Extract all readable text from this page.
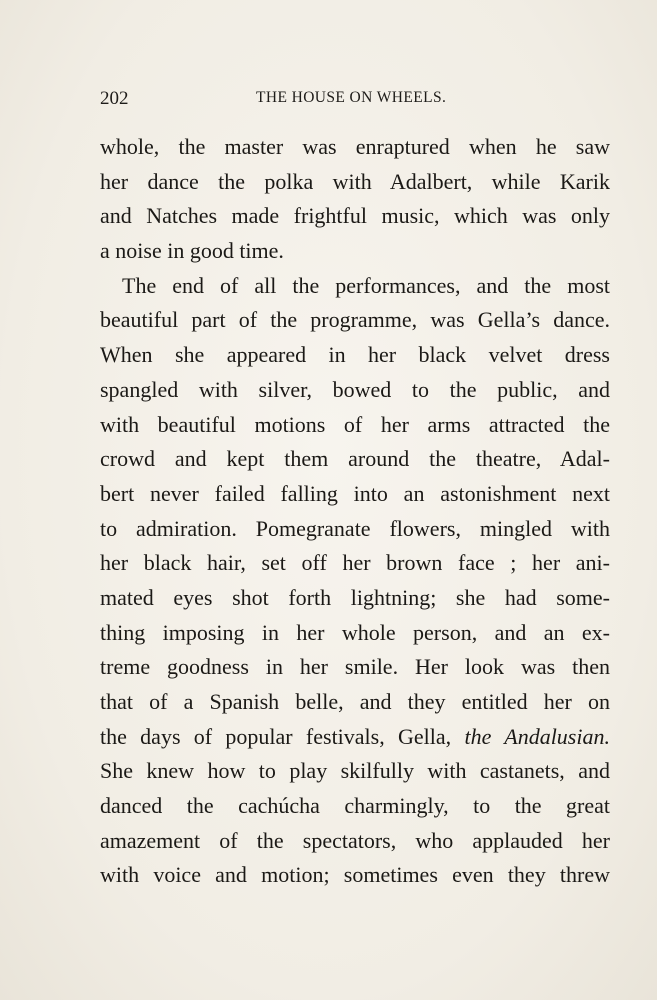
202	THE HOUSE ON WHEELS.
whole, the master was enraptured when he saw
her dance the polka with Adalbert, while Karik
and Natches made frightful music, which was only
a noise in good time.
The end of all the performances, and the most
beautiful part of the programme, was Gella’s dance.
When she appeared in her black velvet dress
spangled with silver, bowed to the public, and
with beautiful motions of her arms attracted the
crowd and kept them around the theatre, Adal-
bert never failed falling into an astonishment next
to admiration. Pomegranate flowers, mingled with
her black hair, set off her brown face ; her ani-
mated eyes shot forth lightning; she had some-
thing imposing in her whole person, and an ex-
treme goodness in her smile. Her look was then
that of a Spanish belle, and they entitled her on
the days of popular festivals, Gella, the Andalusian.
She knew how to play skilfully with castanets, and
danced the cachúcha charmingly, to the great
amazement of the spectators, who applauded her
with voice and motion; sometimes even they threw
